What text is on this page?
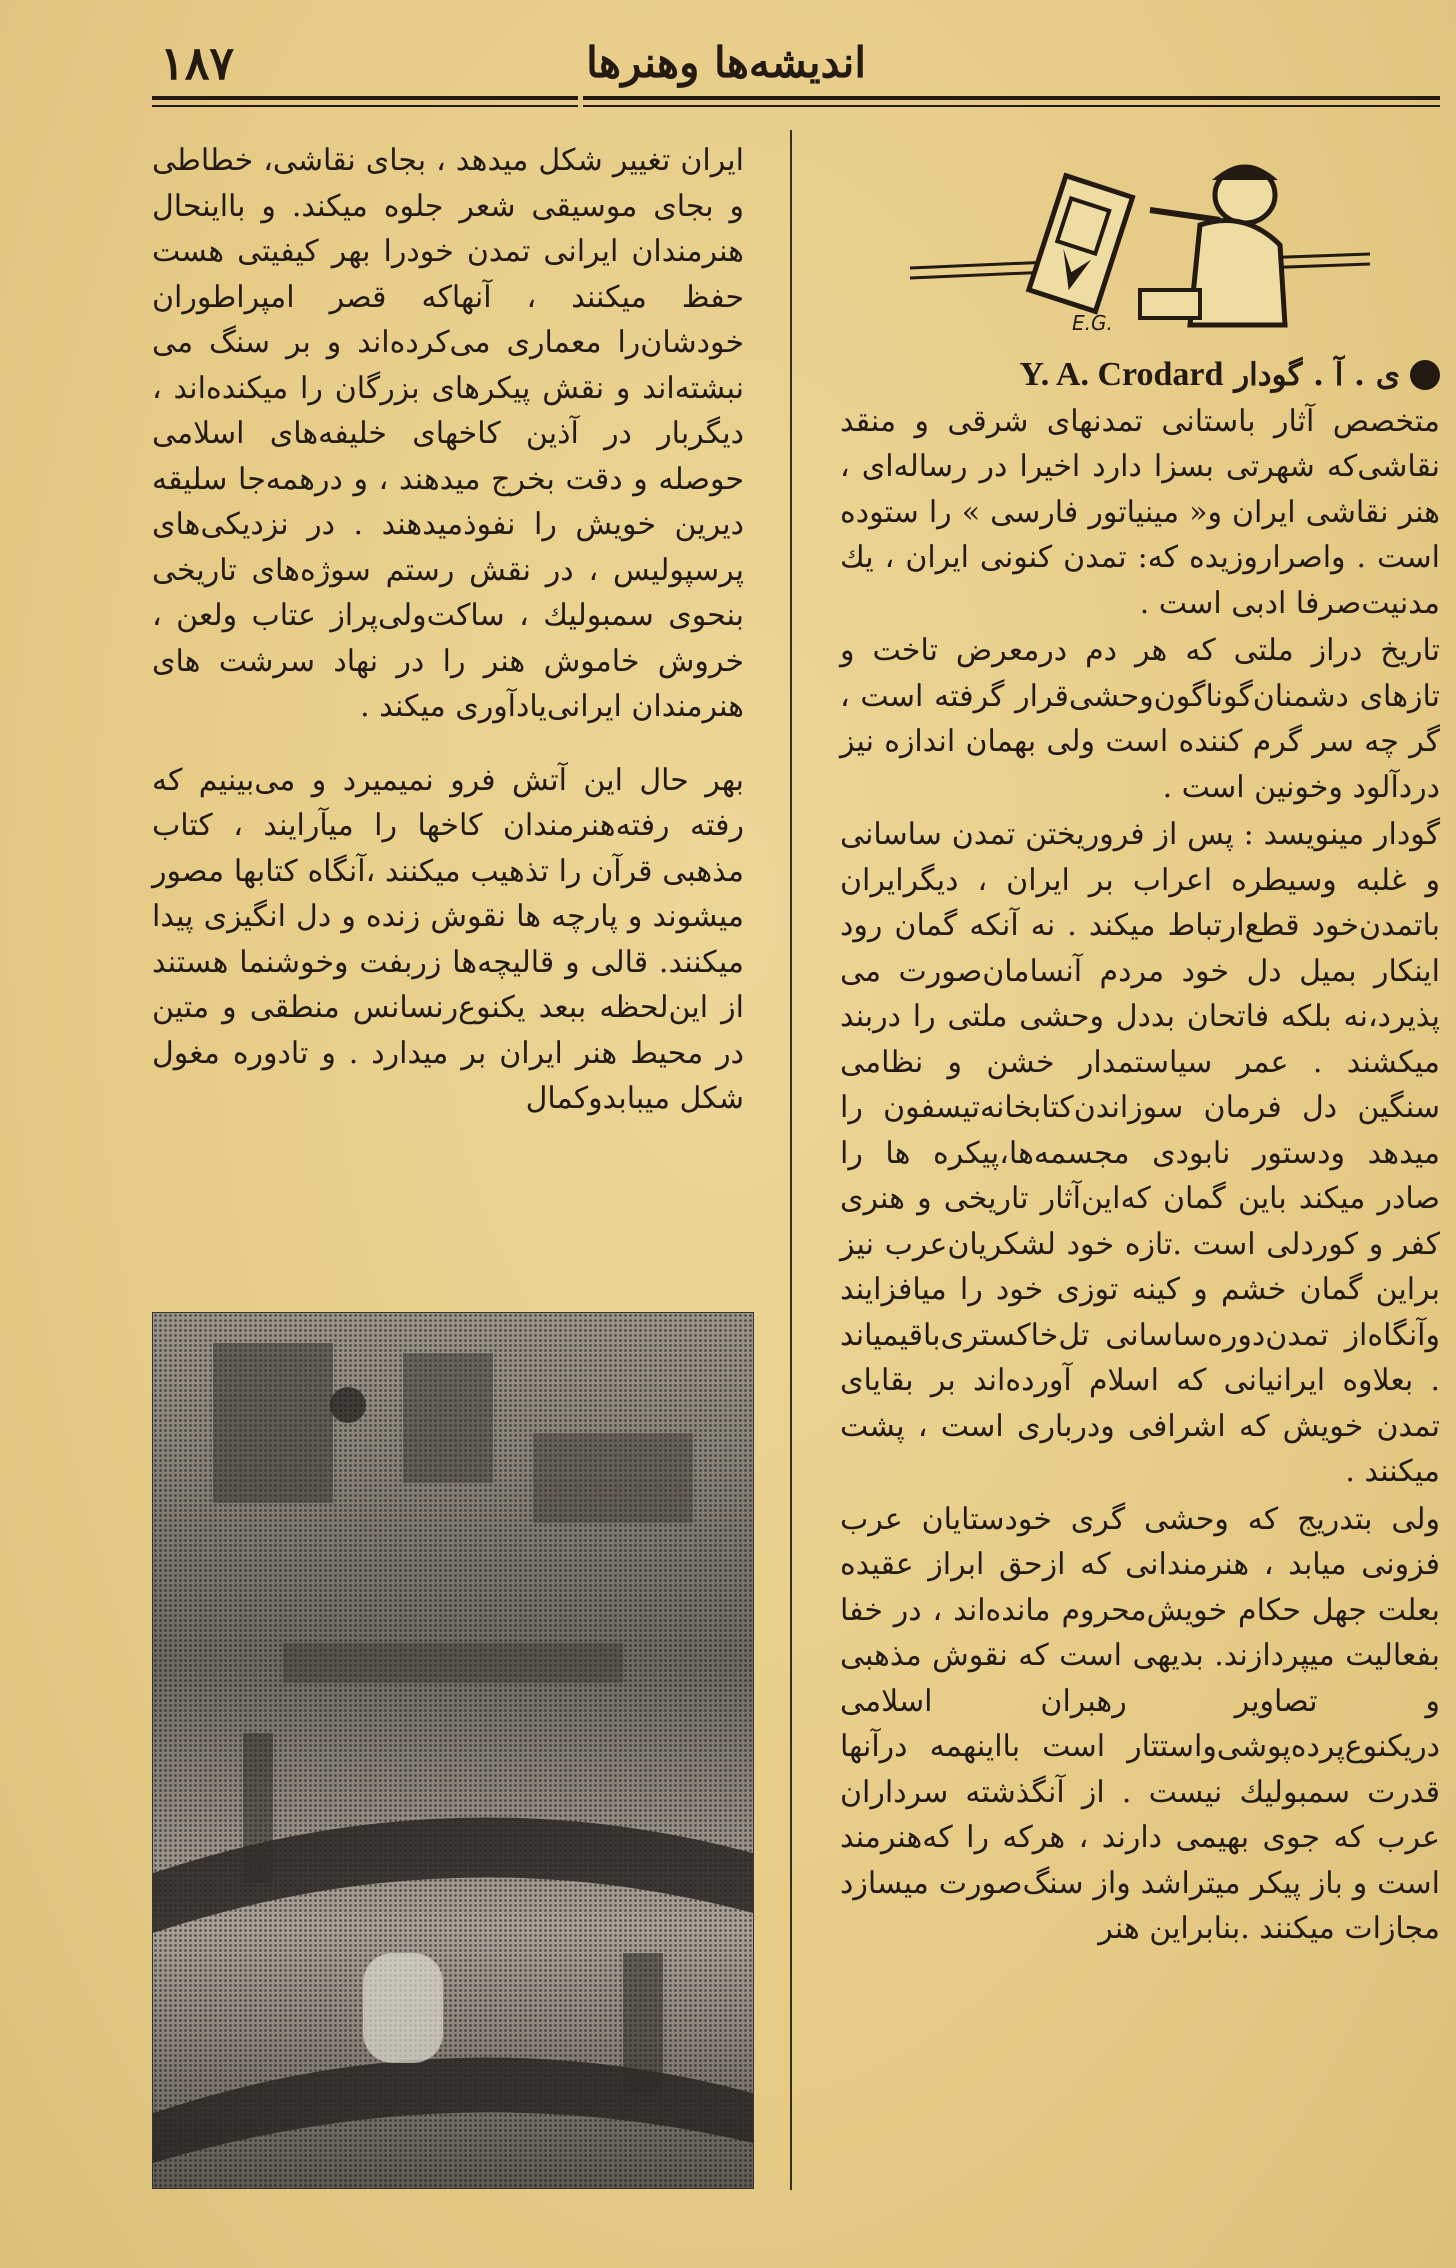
اندیشه‌ها وهنرها
۱۸۷

ایران تغییر شکل میدهد ، بجای نقاشی، خطاطی و بجای موسیقی شعر جلوه میکند. و بااینحال هنرمندان ایرانی تمدن خودرا بهر کیفیتی هست حفظ میکنند ، آنهاکه قصر امپراطوران خودشان‌را معماری می‌کرده‌اند و بر سنگ می نبشته‌اند و نقش پیکرهای بزرگان را میکنده‌اند ، دیگربار در آذین کاخهای خلیفه‌های اسلامی حوصله و دقت بخرج میدهند ، و درهمه‌جا سلیقه دیرین خویش را نفوذمیدهند . در نزدیکی‌های پرسپولیس ، در نقش رستم سوژه‌های تاریخی بنحوی سمبولیك ، ساکت‌ولی‌پراز عتاب ولعن ، خروش خاموش هنر را در نهاد سرشت های هنرمندان ایرانی‌یادآوری میکند .

بهر حال این آتش فرو نمیمیرد و می‌بینیم که رفته رفته‌هنرمندان کاخها را میآرایند ، کتاب مذهبی قرآن را تذهیب میکنند ،آنگاه کتابها مصور میشوند و پارچه ها نقوش زنده و دل انگیزی پیدا میکنند. قالی و قالیچه‌ها زربفت وخوشنما هستند از این‌لحظه ببعد یکنوع‌رنسانس منطقی و متین در محیط هنر ایران بر میدارد . و تادوره مغول شکل میبابدوکمال

E.G.
ی . آ . گودار Y. A. Crodard

متخصص آثار باستانی تمدنهای شرقی و منقد نقاشی‌که شهرتی بسزا دارد اخیرا در رساله‌ای ، هنر نقاشی ایران و« مینیاتور فارسی » را ستوده است . واصراروزیده که: تمدن کنونی ایران ، یك مدنیت‌صرفا ادبی است .

تاریخ دراز ملتی که هر دم درمعرض تاخت و تازهای دشمنان‌گوناگون‌وحشی‌قرار گرفته است ، گر چه سر گرم کننده است ولی بهمان اندازه نیز دردآلود وخونین است .

گودار مینویسد : پس از فروریختن تمدن ساسانی و غلبه وسیطره اعراب بر ایران ، دیگرایران باتمدن‌خود قطع‌ارتباط میکند . نه آنکه گمان رود اینکار بمیل دل خود مردم آنسامان‌صورت می پذیرد،نه بلکه فاتحان بددل وحشی ملتی را دربند میکشند . عمر سیاستمدار خشن و نظامی سنگین دل فرمان سوزاندن‌کتابخانه‌تیسفون را میدهد ودستور نابودی مجسمه‌ها،پیکره ها را صادر میکند باین گمان که‌این‌آثار تاریخی و هنری کفر و کوردلی است .تازه خود لشکریان‌عرب نیز براین گمان خشم و کینه توزی خود را میافزایند وآنگاه‌از تمدن‌دوره‌ساسانی تل‌خاکستری‌باقیمیاند . بعلاوه ایرانیانی که اسلام آورده‌اند بر بقایای تمدن خویش که اشرافی ودرباری است ، پشت میکنند .

ولی بتدریج که وحشی گری خودستایان عرب فزونی میابد ، هنرمندانی که ازحق ابراز عقیده بعلت جهل حکام خویش‌محروم مانده‌اند ، در خفا بفعالیت میپردازند. بدیهی است که نقوش مذهبی و تصاویر رهبران اسلامی دریکنوع‌پرده‌پوشی‌واستتار است بااینهمه درآنها قدرت سمبولیك نیست . از آنگذشته سرداران عرب که جوی بهیمی دارند ، هرکه را که‌هنرمند است و باز پیکر میتراشد واز سنگ‌صورت میسازد مجازات میکنند .بنابراین هنر
